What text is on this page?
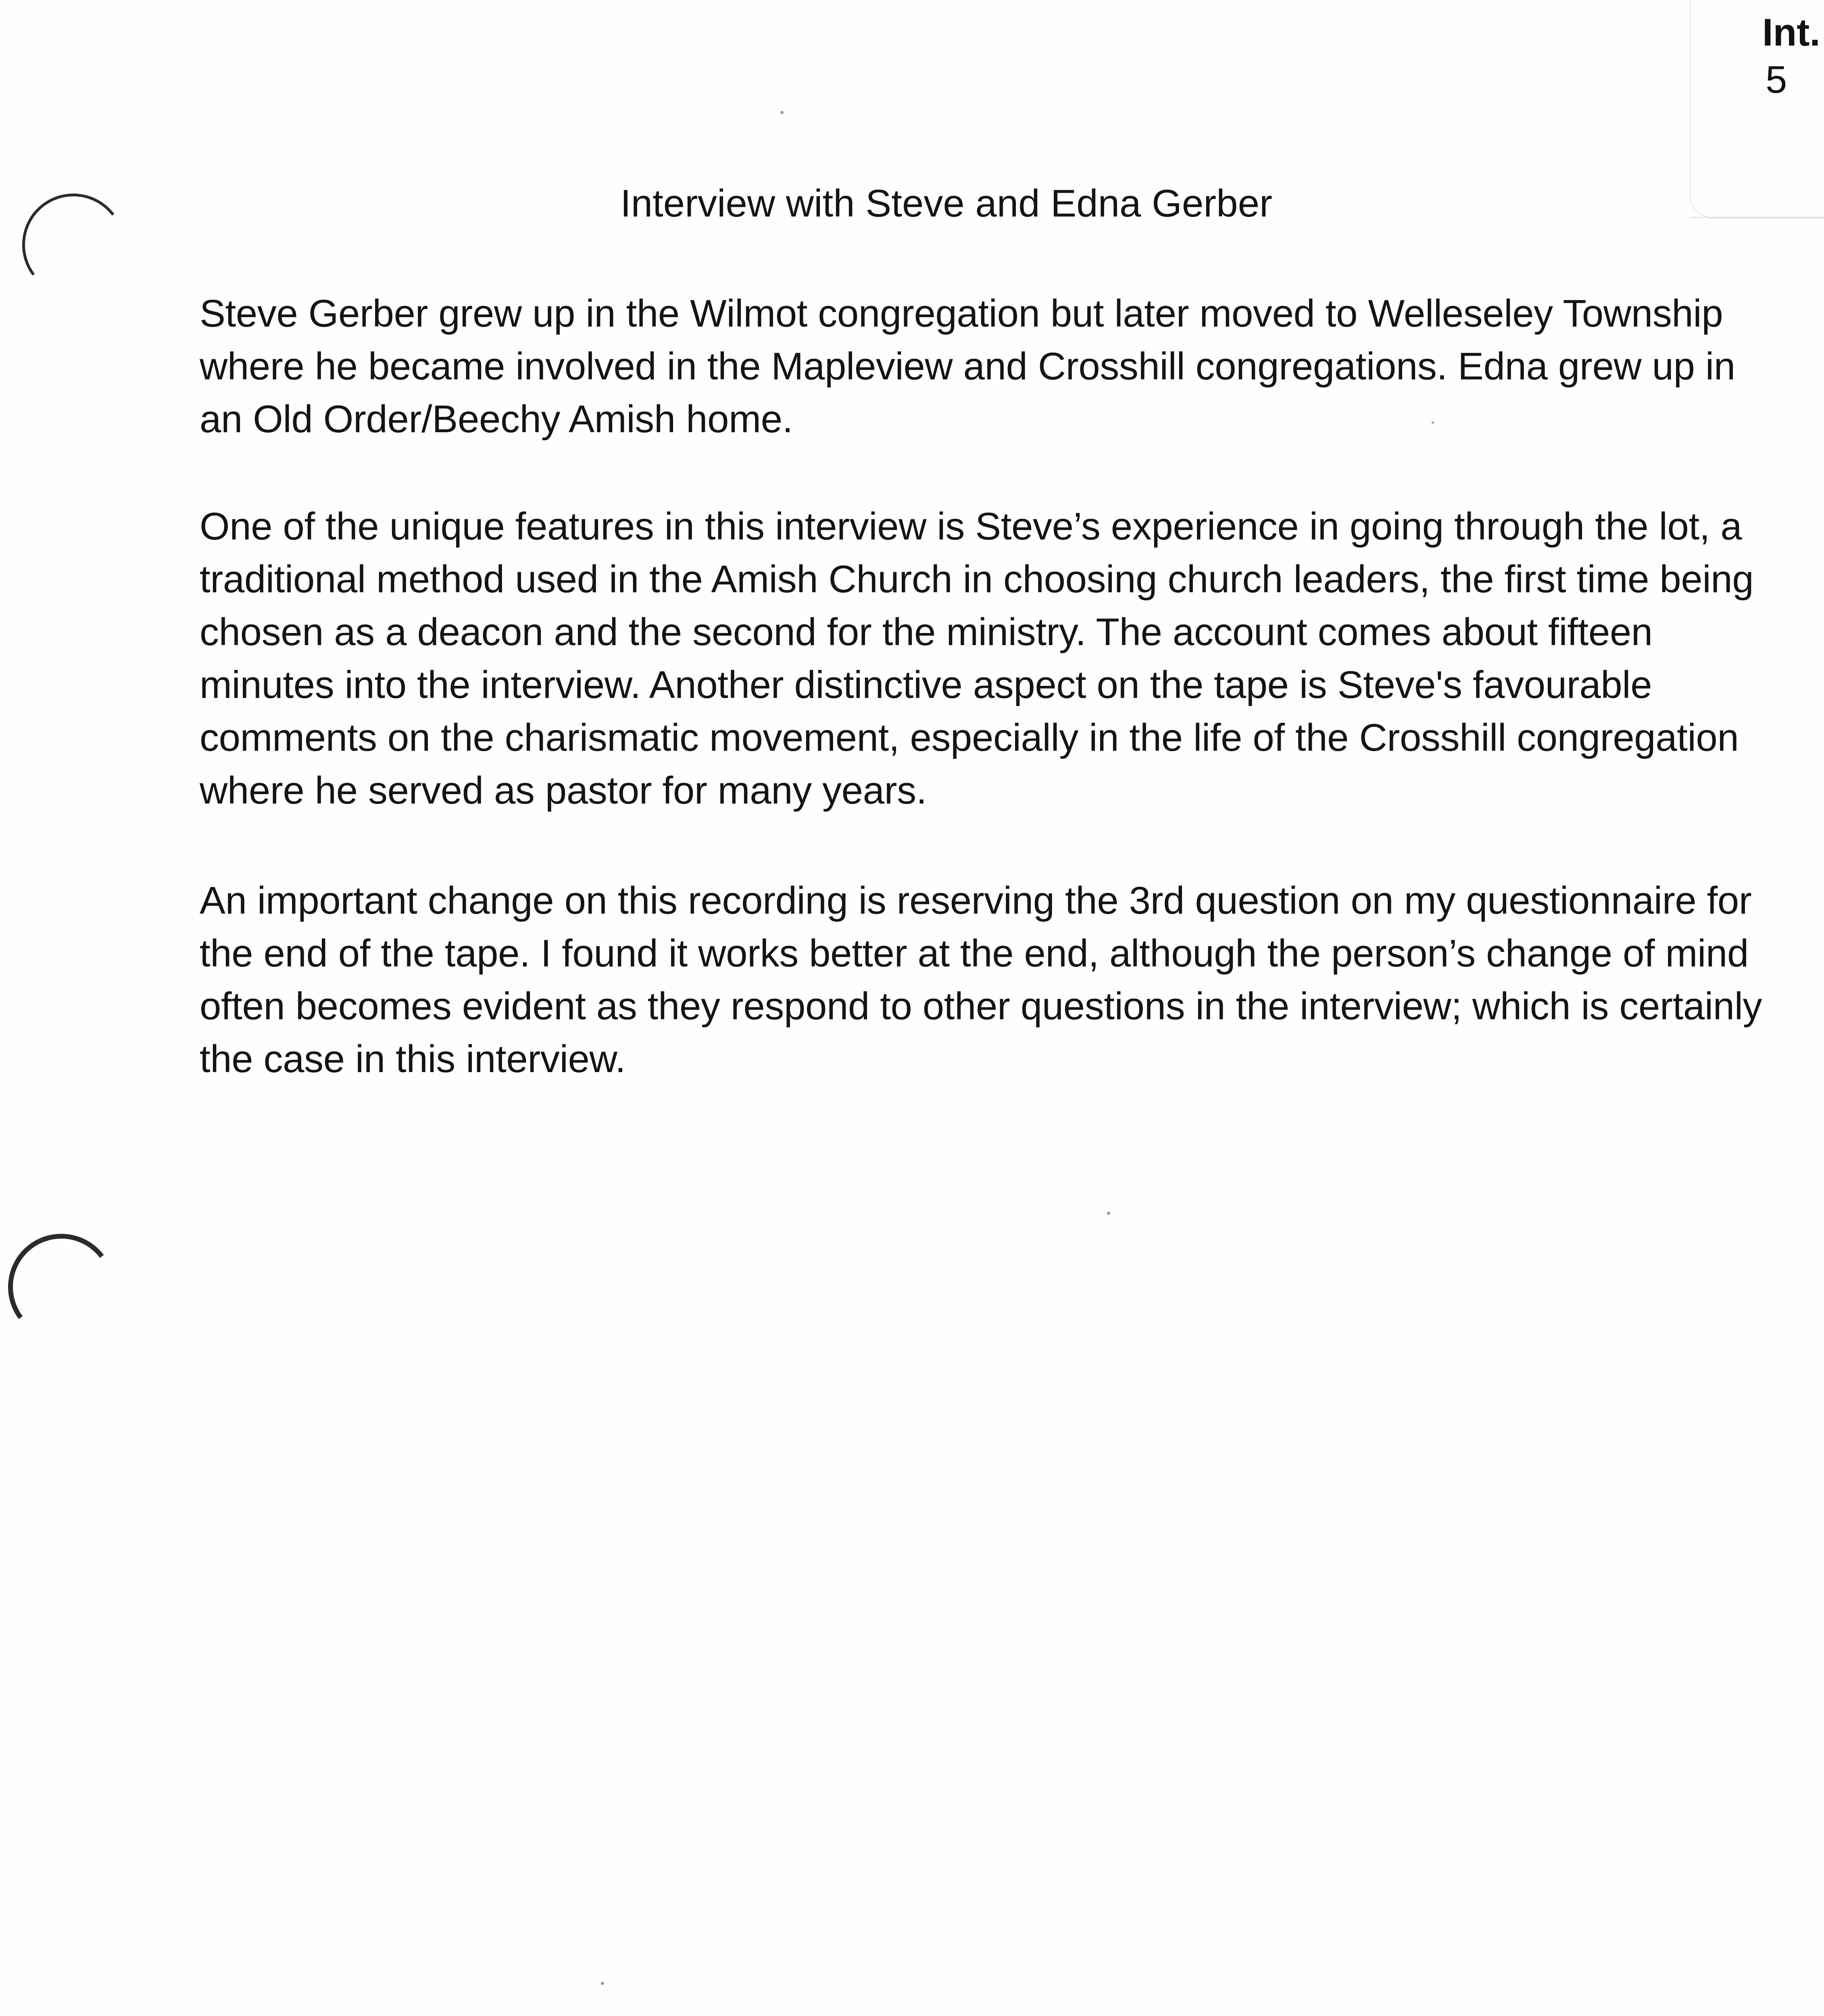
Int.
5
Interview with Steve and Edna Gerber

Steve Gerber grew up in the Wilmot congregation but later moved to Welleseley Township where he became involved in the Mapleview and Crosshill congregations. Edna grew up in an Old Order/Beechy Amish home.

One of the unique features in this interview is Steve’s experience in going through the lot, a traditional method used in the Amish Church in choosing church leaders, the first time being chosen as a deacon and the second for the ministry. The account comes about fifteen minutes into the interview. Another distinctive aspect on the tape is Steve's favourable comments on the charismatic movement, especially in the life of the Crosshill congregation where he served as pastor for many years.

An important change on this recording is reserving the 3rd question on my questionnaire for the end of the tape. I found it works better at the end, although the person’s change of mind often becomes evident as they respond to other questions in the interview; which is certainly the case in this interview.
